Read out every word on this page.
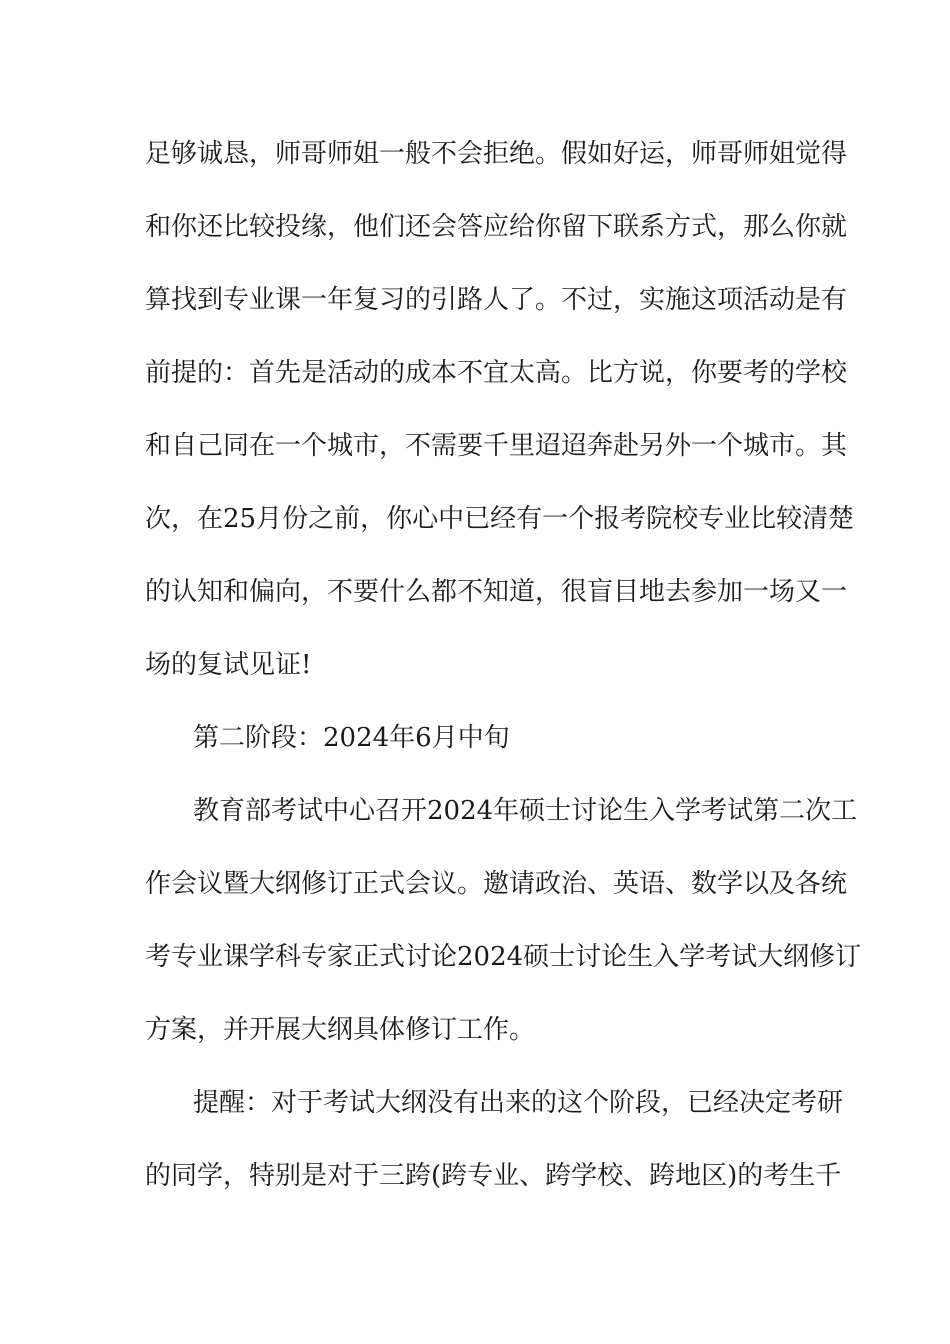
足够诚恳，师哥师姐一般不会拒绝。假如好运，师哥师姐觉得
和你还比较投缘，他们还会答应给你留下联系方式，那么你就
算找到专业课一年复习的引路人了。不过，实施这项活动是有
前提的：首先是活动的成本不宜太高。比方说，你要考的学校
和自己同在一个城市，不需要千里迢迢奔赴另外一个城市。其
次，在25月份之前，你心中已经有一个报考院校专业比较清楚
的认知和偏向，不要什么都不知道，很盲目地去参加一场又一
场的复试见证!
第二阶段：2024年6月中旬
教育部考试中心召开2024年硕士讨论生入学考试第二次工
作会议暨大纲修订正式会议。邀请政治、英语、数学以及各统
考专业课学科专家正式讨论2024硕士讨论生入学考试大纲修订
方案，并开展大纲具体修订工作。
提醒：对于考试大纲没有出来的这个阶段，已经决定考研
的同学，特别是对于三跨(跨专业、跨学校、跨地区)的考生千
